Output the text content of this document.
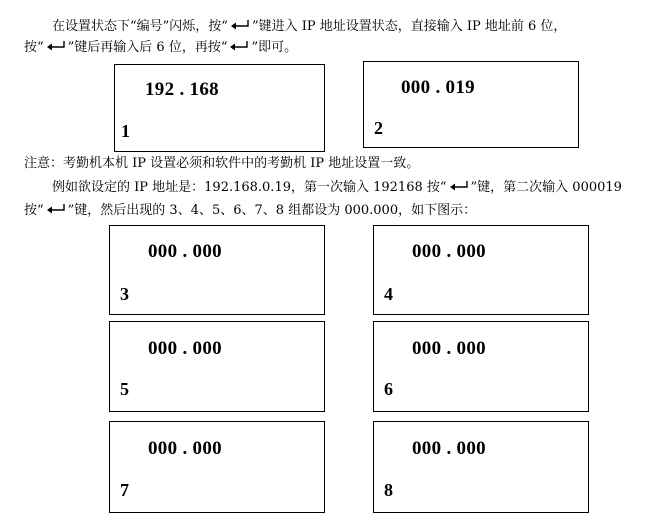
在设置状态下“编号”闪烁，按“ ”键进入 IP 地址设置状态，直接输入 IP 地址前 6 位，
按“ ”键后再输入后 6 位，再按“ ”即可。
192 . 168
1
000 . 019
2
注意：考勤机本机 IP 设置必须和软件中的考勤机 IP 地址设置一致。
例如欲设定的 IP 地址是：192.168.0.19，第一次输入 192168 按“ ”键，第二次输入 000019
按“ ”键，然后出现的 3、4、5、6、7、8 组都设为 000.000，如下图示：
000 . 000
3
000 . 000
4
000 . 000
5
000 . 000
6
000 . 000
7
000 . 000
8
